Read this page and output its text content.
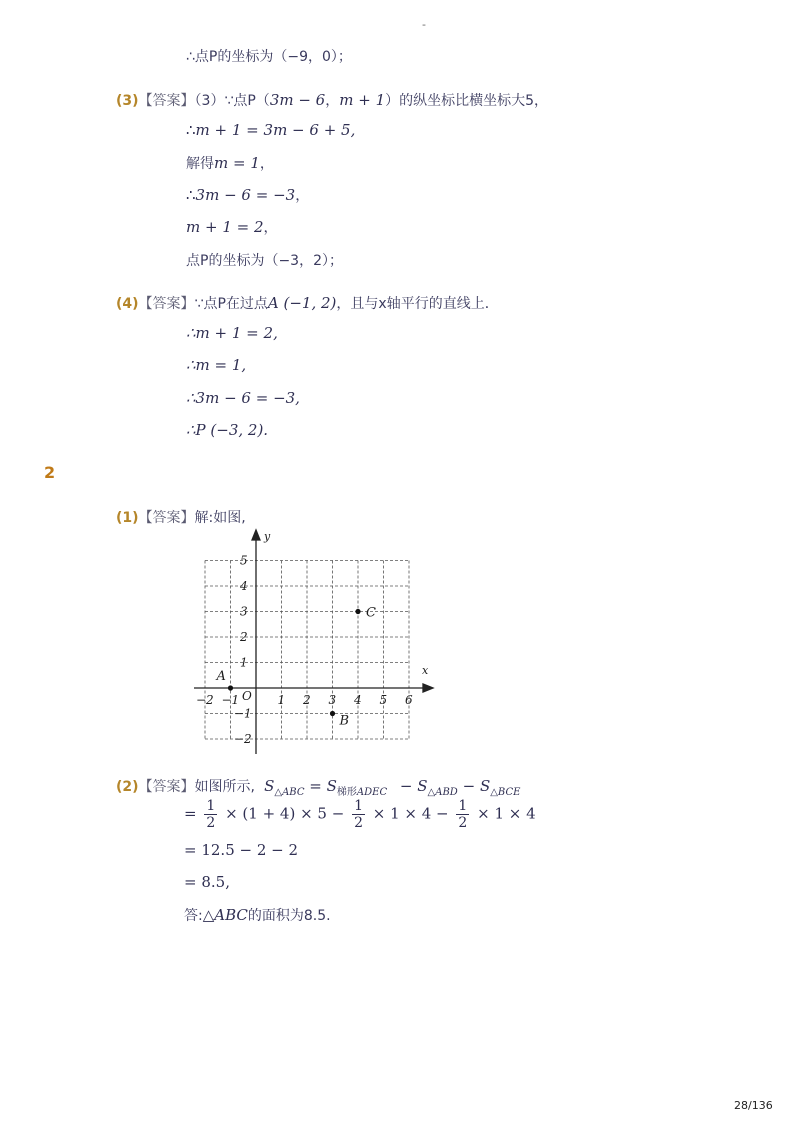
-
∴点P的坐标为（−9，0）；
(3)【答案】（3）∵点P（3m − 6，m + 1）的纵坐标比横坐标大5，
∴m + 1 = 3m − 6 + 5,
解得m = 1，
∴3m − 6 = −3，
m + 1 = 2，
点P的坐标为（−3，2）；
(4)【答案】∵点P在过点A (−1, 2)，且与x轴平行的直线上．
∴m + 1 = 2,
∴m = 1,
∴3m − 6 = −3,
∴P (−3, 2).
2
(1)【答案】解:如图,
x
y
O
−2 −1	1 2 3 4 5 6
5
4
3
2
1
−1
−2
A
B
C
(2)【答案】如图所示, $S_{\triangle ABC} = S_{梯形ADEC} - S_{\triangle ABD} - S_{\triangle BCE}$
= $\frac{1}{2} \times (1 + 4) \times 5 - \frac{1}{2} \times 1 \times 4 - \frac{1}{2} \times 1 \times 4$
= 12.5 − 2 − 2
= 8.5,
答:△ABC的面积为8.5.
28/136
